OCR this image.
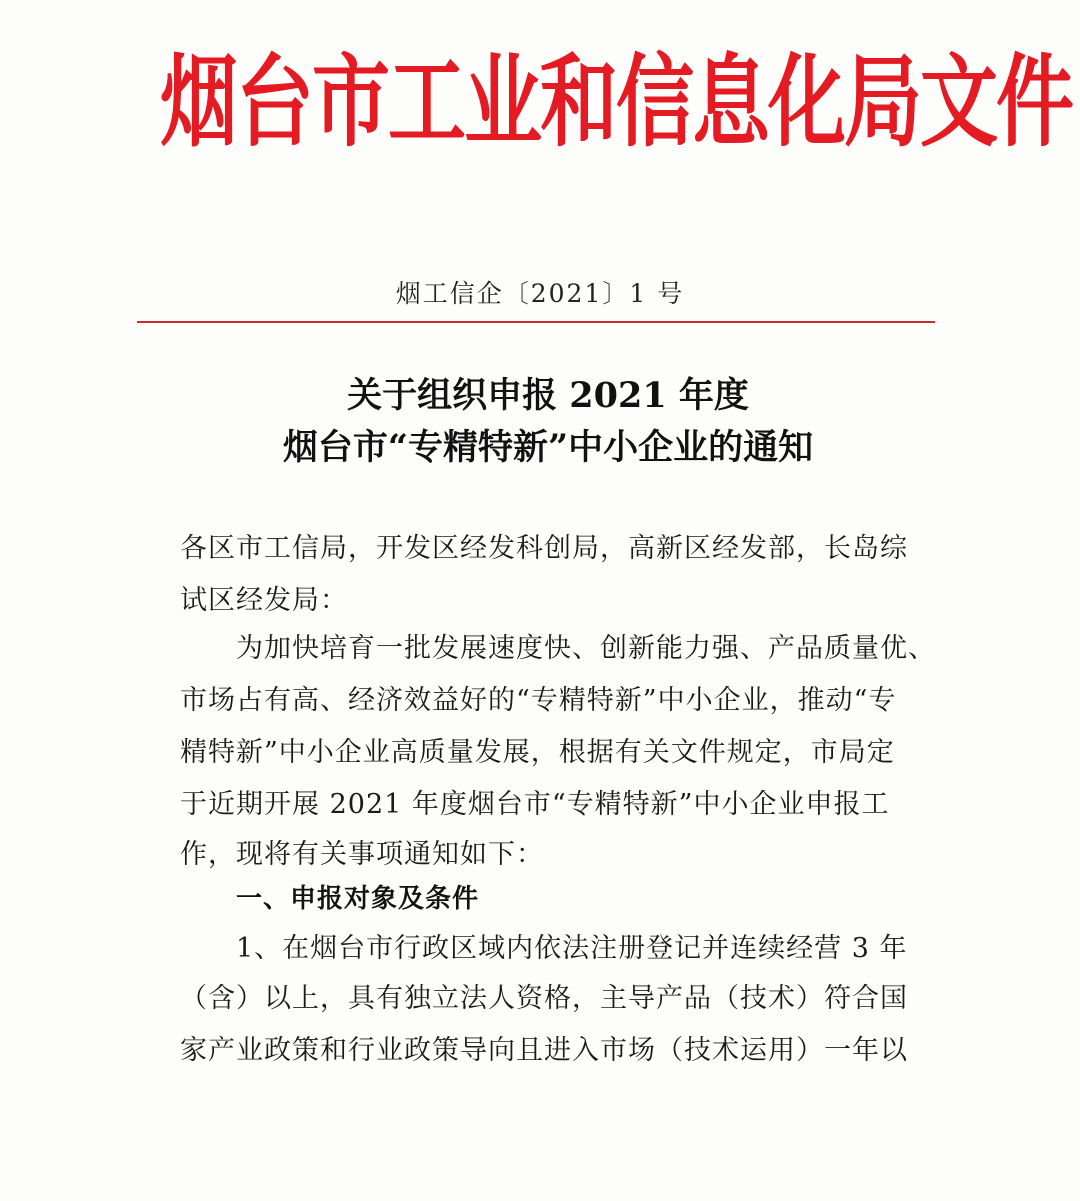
烟台市工业和信息化局文件
烟工信企〔2021〕1 号
关于组织申报 2021 年度
烟台市“专精特新”中小企业的通知
各区市工信局，开发区经发科创局，高新区经发部，长岛综
试区经发局：
为加快培育一批发展速度快、创新能力强、产品质量优、
市场占有高、经济效益好的“专精特新”中小企业，推动“专
精特新”中小企业高质量发展，根据有关文件规定，市局定
于近期开展 2021 年度烟台市“专精特新”中小企业申报工
作，现将有关事项通知如下：
一、申报对象及条件
1、在烟台市行政区域内依法注册登记并连续经营 3 年
（含）以上，具有独立法人资格，主导产品（技术）符合国
家产业政策和行业政策导向且进入市场（技术运用）一年以
